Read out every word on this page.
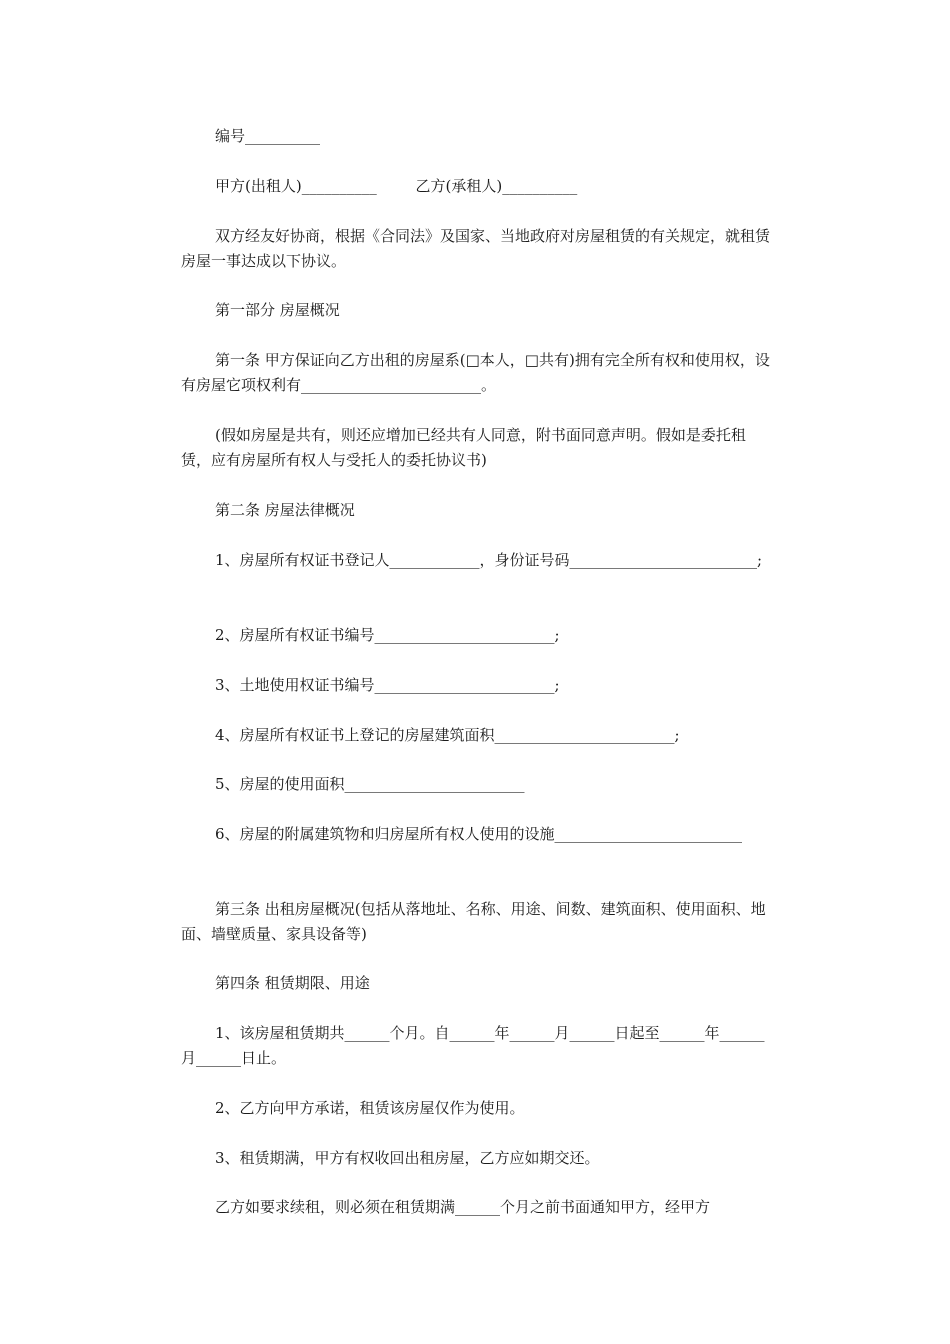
编号__________

甲方(出租人)__________	乙方(承租人)__________

双方经友好协商，根据《合同法》及国家、当地政府对房屋租赁的有关规定，就租赁房屋一事达成以下协议。

第一部分 房屋概况

第一条 甲方保证向乙方出租的房屋系(□本人，□共有)拥有完全所有权和使用权，设有房屋它项权利有________________________。

(假如房屋是共有，则还应增加已经共有人同意，附书面同意声明。假如是委托租赁，应有房屋所有权人与受托人的委托协议书)

第二条 房屋法律概况

1、房屋所有权证书登记人____________，身份证号码_________________________;

2、房屋所有权证书编号________________________;

3、土地使用权证书编号________________________;

4、房屋所有权证书上登记的房屋建筑面积________________________;

5、房屋的使用面积________________________

6、房屋的附属建筑物和归房屋所有权人使用的设施_________________________

第三条 出租房屋概况(包括从落地址、名称、用途、间数、建筑面积、使用面积、地面、墙壁质量、家具设备等)

第四条 租赁期限、用途

1、该房屋租赁期共______个月。自______年______月______日起至______年______月______日止。

2、乙方向甲方承诺，租赁该房屋仅作为使用。

3、租赁期满，甲方有权收回出租房屋，乙方应如期交还。

乙方如要求续租，则必须在租赁期满______个月之前书面通知甲方，经甲方
